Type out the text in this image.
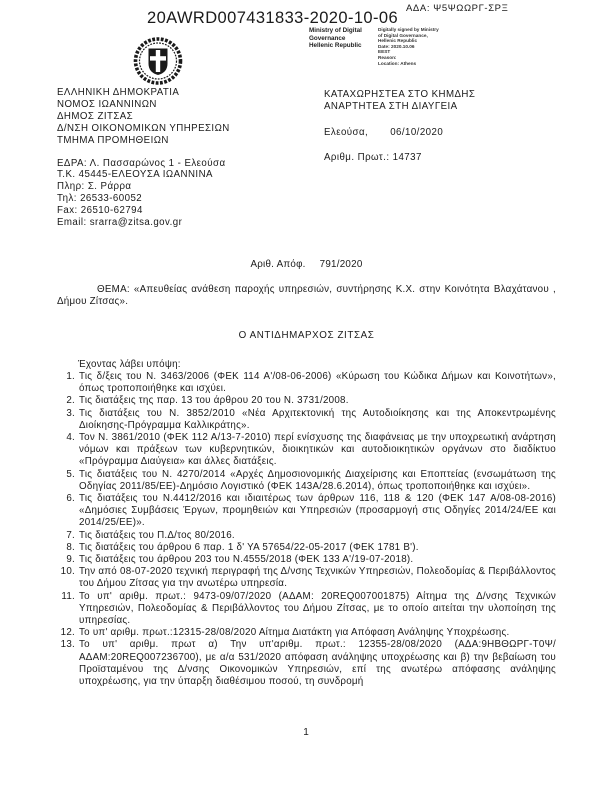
20AWRD007431833-2020-10-06
ΑΔΑ: Ψ5ΨΩΩΡΓ-ΣΡΞ
Ministry of Digital
Governance
Hellenic Republic
Digitally signed by Ministry
of Digital Governance,
Hellenic Republic
Date: 2020.10.06
EEST
Reason:
Location: Athens
ΕΛΛΗΝΙΚΗ ΔΗΜΟΚΡΑΤΙΑ
ΝΟΜΟΣ ΙΩΑΝΝΙΝΩΝ
ΔΗΜΟΣ ΖΙΤΣΑΣ
Δ/ΝΣΗ ΟΙΚΟΝΟΜΙΚΩΝ ΥΠΗΡΕΣΙΩΝ
ΤΜΗΜΑ ΠΡΟΜΗΘΕΙΩΝ
ΕΔΡΑ: Λ. Πασσαρώνος 1 - Ελεούσα
Τ.Κ. 45445-ΕΛΕΟΥΣΑ ΙΩΑΝΝΙΝΑ
Πληρ: Σ. Ράρρα
Τηλ: 26533-60052
Fax: 26510-62794
Email: srarra@zitsa.gov.gr
ΚΑΤΑΧΩΡΗΣΤΕΑ ΣΤΟ ΚΗΜΔΗΣ
ΑΝΑΡΤΗΤΕΑ ΣΤΗ ΔΙΑΥΓΕΙΑ
Ελεούσα, 06/10/2020
Αριθμ. Πρωτ.: 14737
Αριθ. Απόφ. 791/2020
ΘΕΜΑ: «Απευθείας ανάθεση παροχής υπηρεσιών, συντήρησης Κ.Χ. στην Κοινότητα Βλαχάτανου , Δήμου Ζίτσας».
Ο ΑΝΤΙΔΗΜΑΡΧΟΣ ΖΙΤΣΑΣ
Έχοντας λάβει υπόψη:
1. Τις δ/ξεις του Ν. 3463/2006 (ΦΕΚ 114 Α'/08-06-2006) «Κύρωση του Κώδικα Δήμων και Κοινοτήτων», όπως τροποποιήθηκε και ισχύει.
2. Τις διατάξεις της παρ. 13 του άρθρου 20 του Ν. 3731/2008.
3. Τις διατάξεις του Ν. 3852/2010 «Νέα Αρχιτεκτονική της Αυτοδιοίκησης και της Αποκεντρωμένης Διοίκησης-Πρόγραμμα Καλλικράτης».
4. Τον Ν. 3861/2010 (ΦΕΚ 112 Α/13-7-2010) περί ενίσχυσης της διαφάνειας με την υποχρεωτική ανάρτηση νόμων και πράξεων των κυβερνητικών, διοικητικών και αυτοδιοικητικών οργάνων στο διαδίκτυο «Πρόγραμμα Διαύγεια» και άλλες διατάξεις.
5. Τις διατάξεις του Ν. 4270/2014 «Αρχές Δημοσιονομικής Διαχείρισης και Εποπτείας (ενσωμάτωση της Οδηγίας 2011/85/ΕΕ)-Δημόσιο Λογιστικό (ΦΕΚ 143Α/28.6.2014), όπως τροποποιήθηκε και ισχύει».
6. Τις διατάξεις του Ν.4412/2016 και ιδιαιτέρως των άρθρων 116, 118 & 120 (ΦΕΚ 147 Α/08-08-2016) «Δημόσιες Συμβάσεις Έργων, προμηθειών και Υπηρεσιών (προσαρμογή στις Οδηγίες 2014/24/ΕΕ και 2014/25/ΕΕ)».
7. Τις διατάξεις του Π.Δ/τος 80/2016.
8. Τις διατάξεις του άρθρου 6 παρ. 1 δ' ΥΑ 57654/22-05-2017 (ΦΕΚ 1781 Β').
9. Τις διατάξεις του άρθρου 203 του Ν.4555/2018 (ΦΕΚ 133 Α'/19-07-2018).
10. Την από 08-07-2020 τεχνική περιγραφή της Δ/νσης Τεχνικών Υπηρεσιών, Πολεοδομίας & Περιβάλλοντος του Δήμου Ζίτσας για την ανωτέρω υπηρεσία.
11. Το υπ' αριθμ. πρωτ.: 9473-09/07/2020 (ΑΔΑΜ: 20REQ007001875) Αίτημα της Δ/νσης Τεχνικών Υπηρεσιών, Πολεοδομίας & Περιβάλλοντος του Δήμου Ζίτσας, με το οποίο αιτείται την υλοποίηση της υπηρεσίας.
12. Το υπ' αριθμ. πρωτ.:12315-28/08/2020 Αίτημα Διατάκτη για Απόφαση Ανάληψης Υποχρέωσης.
13. Το υπ' αριθμ. πρωτ α) Την υπ'αριθμ. πρωτ.: 12355-28/08/2020 (ΑΔΑ:9ΗΒΘΩΡΓ-Τ0Ψ/ ΑΔΑΜ:20REQ007236700), με α/α 531/2020 απόφαση ανάληψης υποχρέωσης και β) την βεβαίωση του Προϊσταμένου της Δ/νσης Οικονομικών Υπηρεσιών, επί της ανωτέρω απόφασης ανάληψης υποχρέωσης, για την ύπαρξη διαθέσιμου ποσού, τη συνδρομή
1
